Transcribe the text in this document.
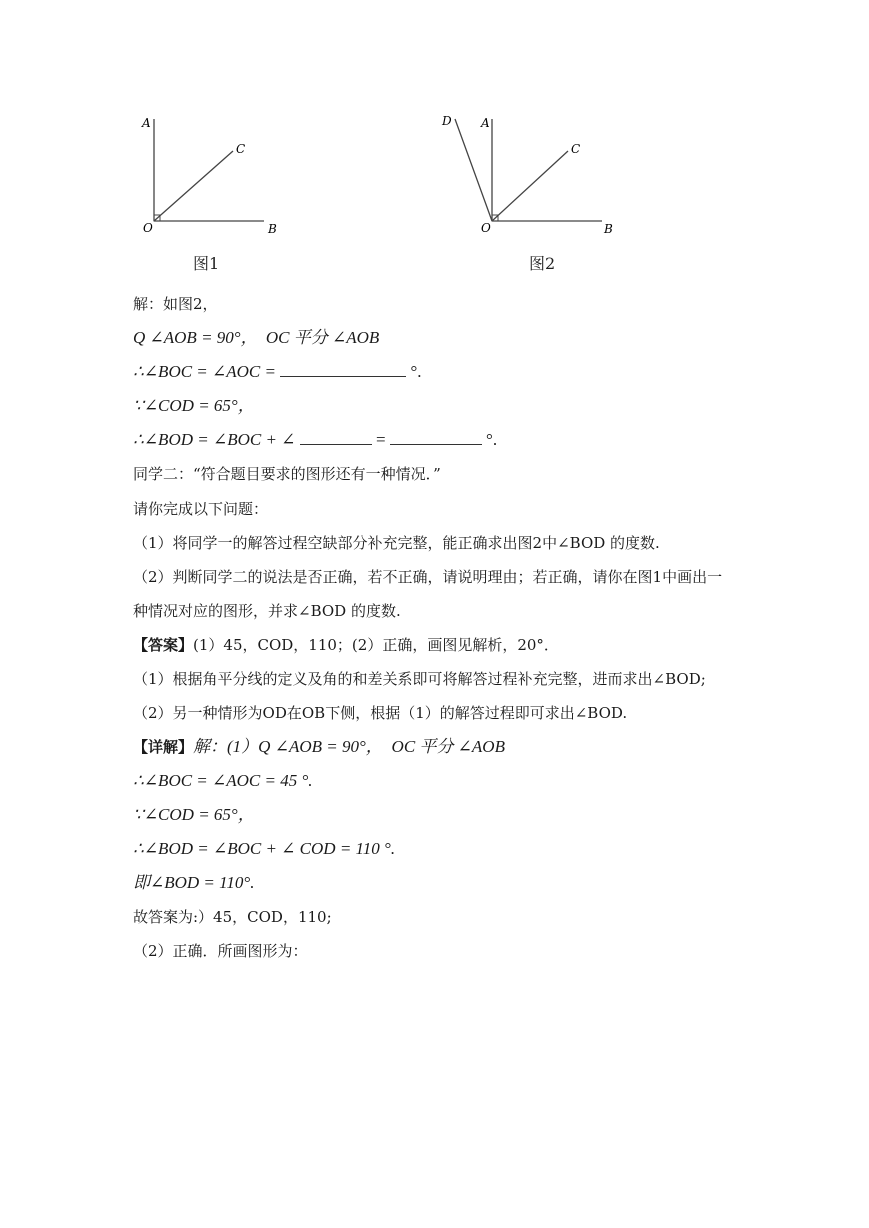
A
C
O	B
图1
D A
C
O	B
图2
解：如图2，
Q ∠AOB = 90°， OC 平分 ∠AOB
∴∠BOC = ∠AOC =	°.
∵∠COD = 65°，
∴∠BOD = ∠BOC + ∠	=	°.
同学二：“符合题目要求的图形还有一种情况．”
请你完成以下问题：
（1）将同学一的解答过程空缺部分补充完整，能正确求出图2中∠BOD 的度数.
（2）判断同学二的说法是否正确，若不正确，请说明理由；若正确，请你在图1中画出一
种情况对应的图形，并求∠BOD 的度数.
【答案】(1）45，COD，110；(2）正确，画图见解析，20°．
（1）根据角平分线的定义及角的和差关系即可将解答过程补充完整，进而求出∠BOD;
（2）另一种情形为OD在OB下侧，根据（1）的解答过程即可求出∠BOD.
【详解】解：(1）Q ∠AOB = 90°， OC 平分 ∠AOB
∴∠BOC = ∠AOC = 45 °.
∵∠COD = 65°，
∴∠BOD = ∠BOC + ∠ COD = 110 °.
即∠BOD = 110°.
故答案为:）45，COD，110;
（2）正确．所画图形为：
